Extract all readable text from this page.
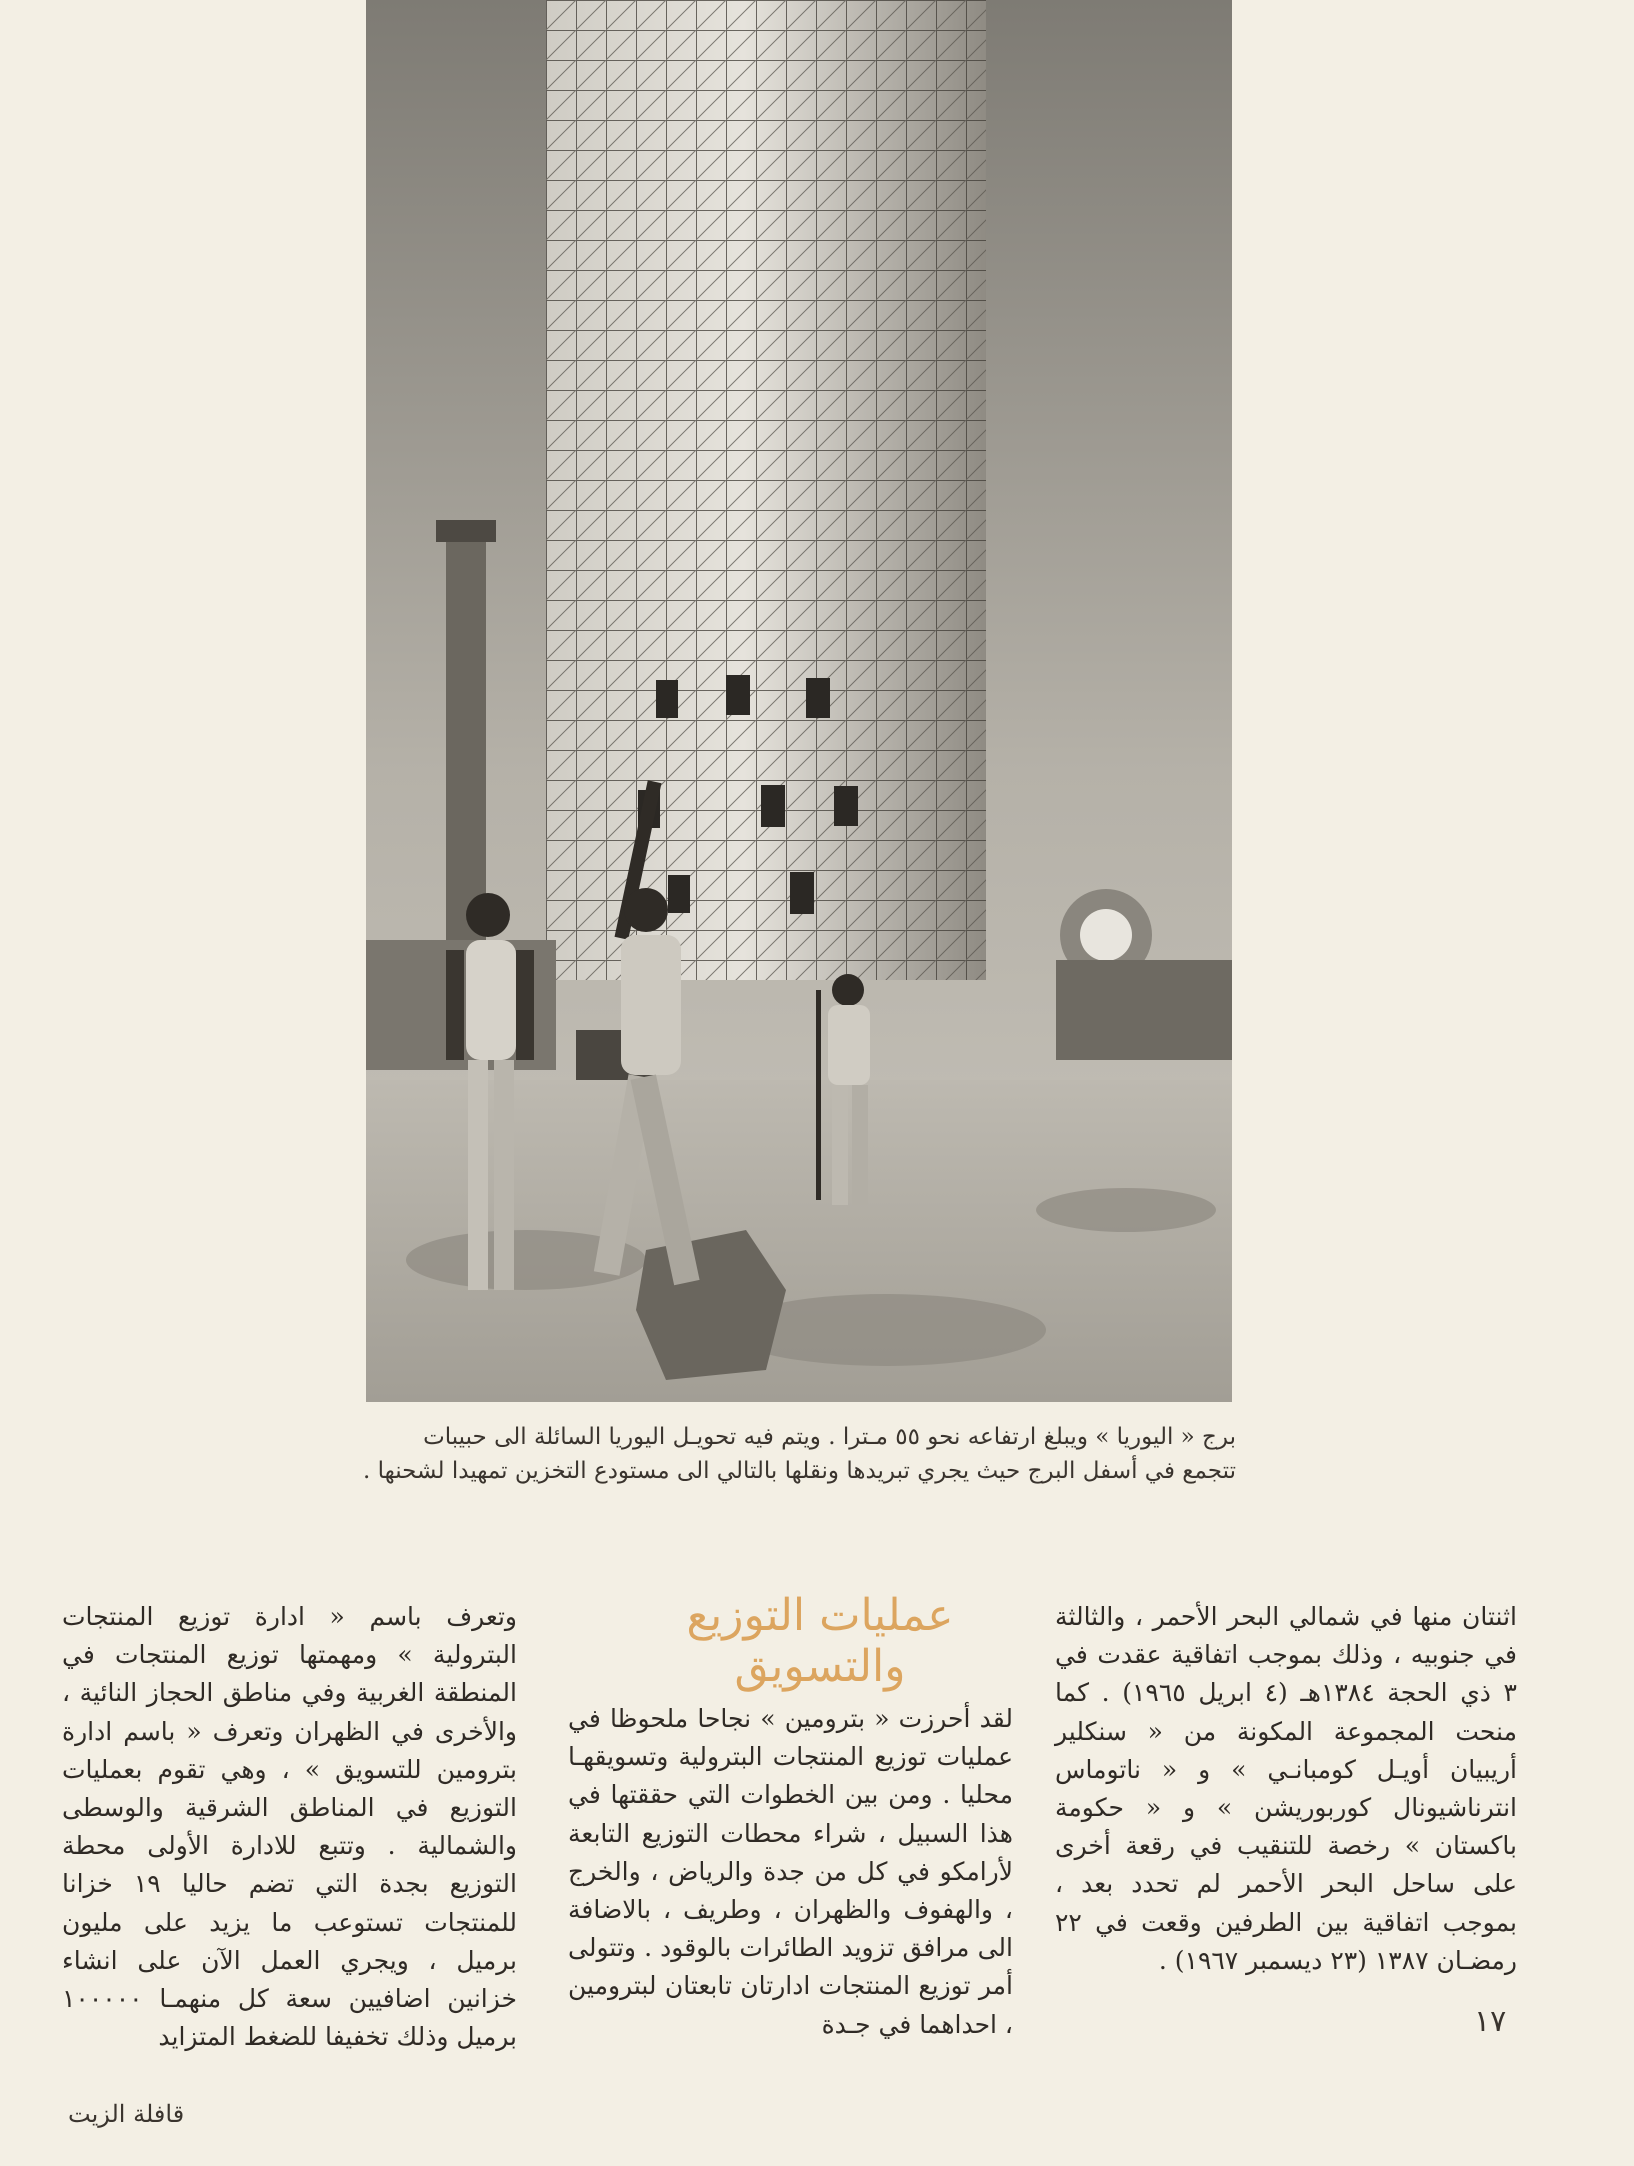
برج « اليوريا » ويبلغ ارتفاعه نحو ٥٥ مـترا . ويتم فيه تحويـل اليوريا السائلة الى حبيبات

تتجمع في أسفل البرج حيث يجري تبريدها ونقلها بالتالي الى مستودع التخزين تمهيدا لشحنها .

عمليات التوزيع والتسويق

اثنتان منها في شمالي البحر الأحمر ، والثالثة في جنوبيه ، وذلك بموجب اتفاقية عقدت في ٣ ذي الحجة ١٣٨٤هـ (٤ ابريل ١٩٦٥) . كما منحت المجموعة المكونة من « سنكلير أريبيان أويـل كومبانـي » و « ناتوماس انترناشيونال كوربوريشن » و « حكومة باكستان » رخصة للتنقيب في رقعة أخرى على ساحل البحر الأحمر لم تحدد بعد ، بموجب اتفاقية بين الطرفين وقعت في ٢٢ رمضـان ١٣٨٧ (٢٣ ديسمبر ١٩٦٧) .

لقد أحرزت « بترومين » نجاحا ملحوظا في عمليات توزيع المنتجات البترولية وتسويقهـا محليا . ومن بين الخطوات التي حققتها في هذا السبيل ، شراء محطات التوزيع التابعة لأرامكو في كل من جدة والرياض ، والخرج ، والهفوف والظهران ، وطريف ، بالاضافة الى مرافق تزويد الطائرات بالوقود . وتتولى أمر توزيع المنتجات ادارتان تابعتان لبترومين ، احداهما في جـدة

وتعرف باسم « ادارة توزيع المنتجات البترولية » ومهمتها توزيع المنتجات في المنطقة الغربية وفي مناطق الحجاز النائية ، والأخرى في الظهران وتعرف « باسم ادارة بترومين للتسويق » ، وهي تقوم بعمليات التوزيع في المناطق الشرقية والوسطى والشمالية . وتتبع للادارة الأولى محطة التوزيع بجدة التي تضم حاليا ١٩ خزانا للمنتجات تستوعب ما يزيد على مليون برميل ، ويجري العمل الآن على انشاء خزانين اضافيين سعة كل منهمـا ١٠٠٠٠٠ برميل وذلك تخفيفا للضغط المتزايد	١٧
قافلة الزيت
